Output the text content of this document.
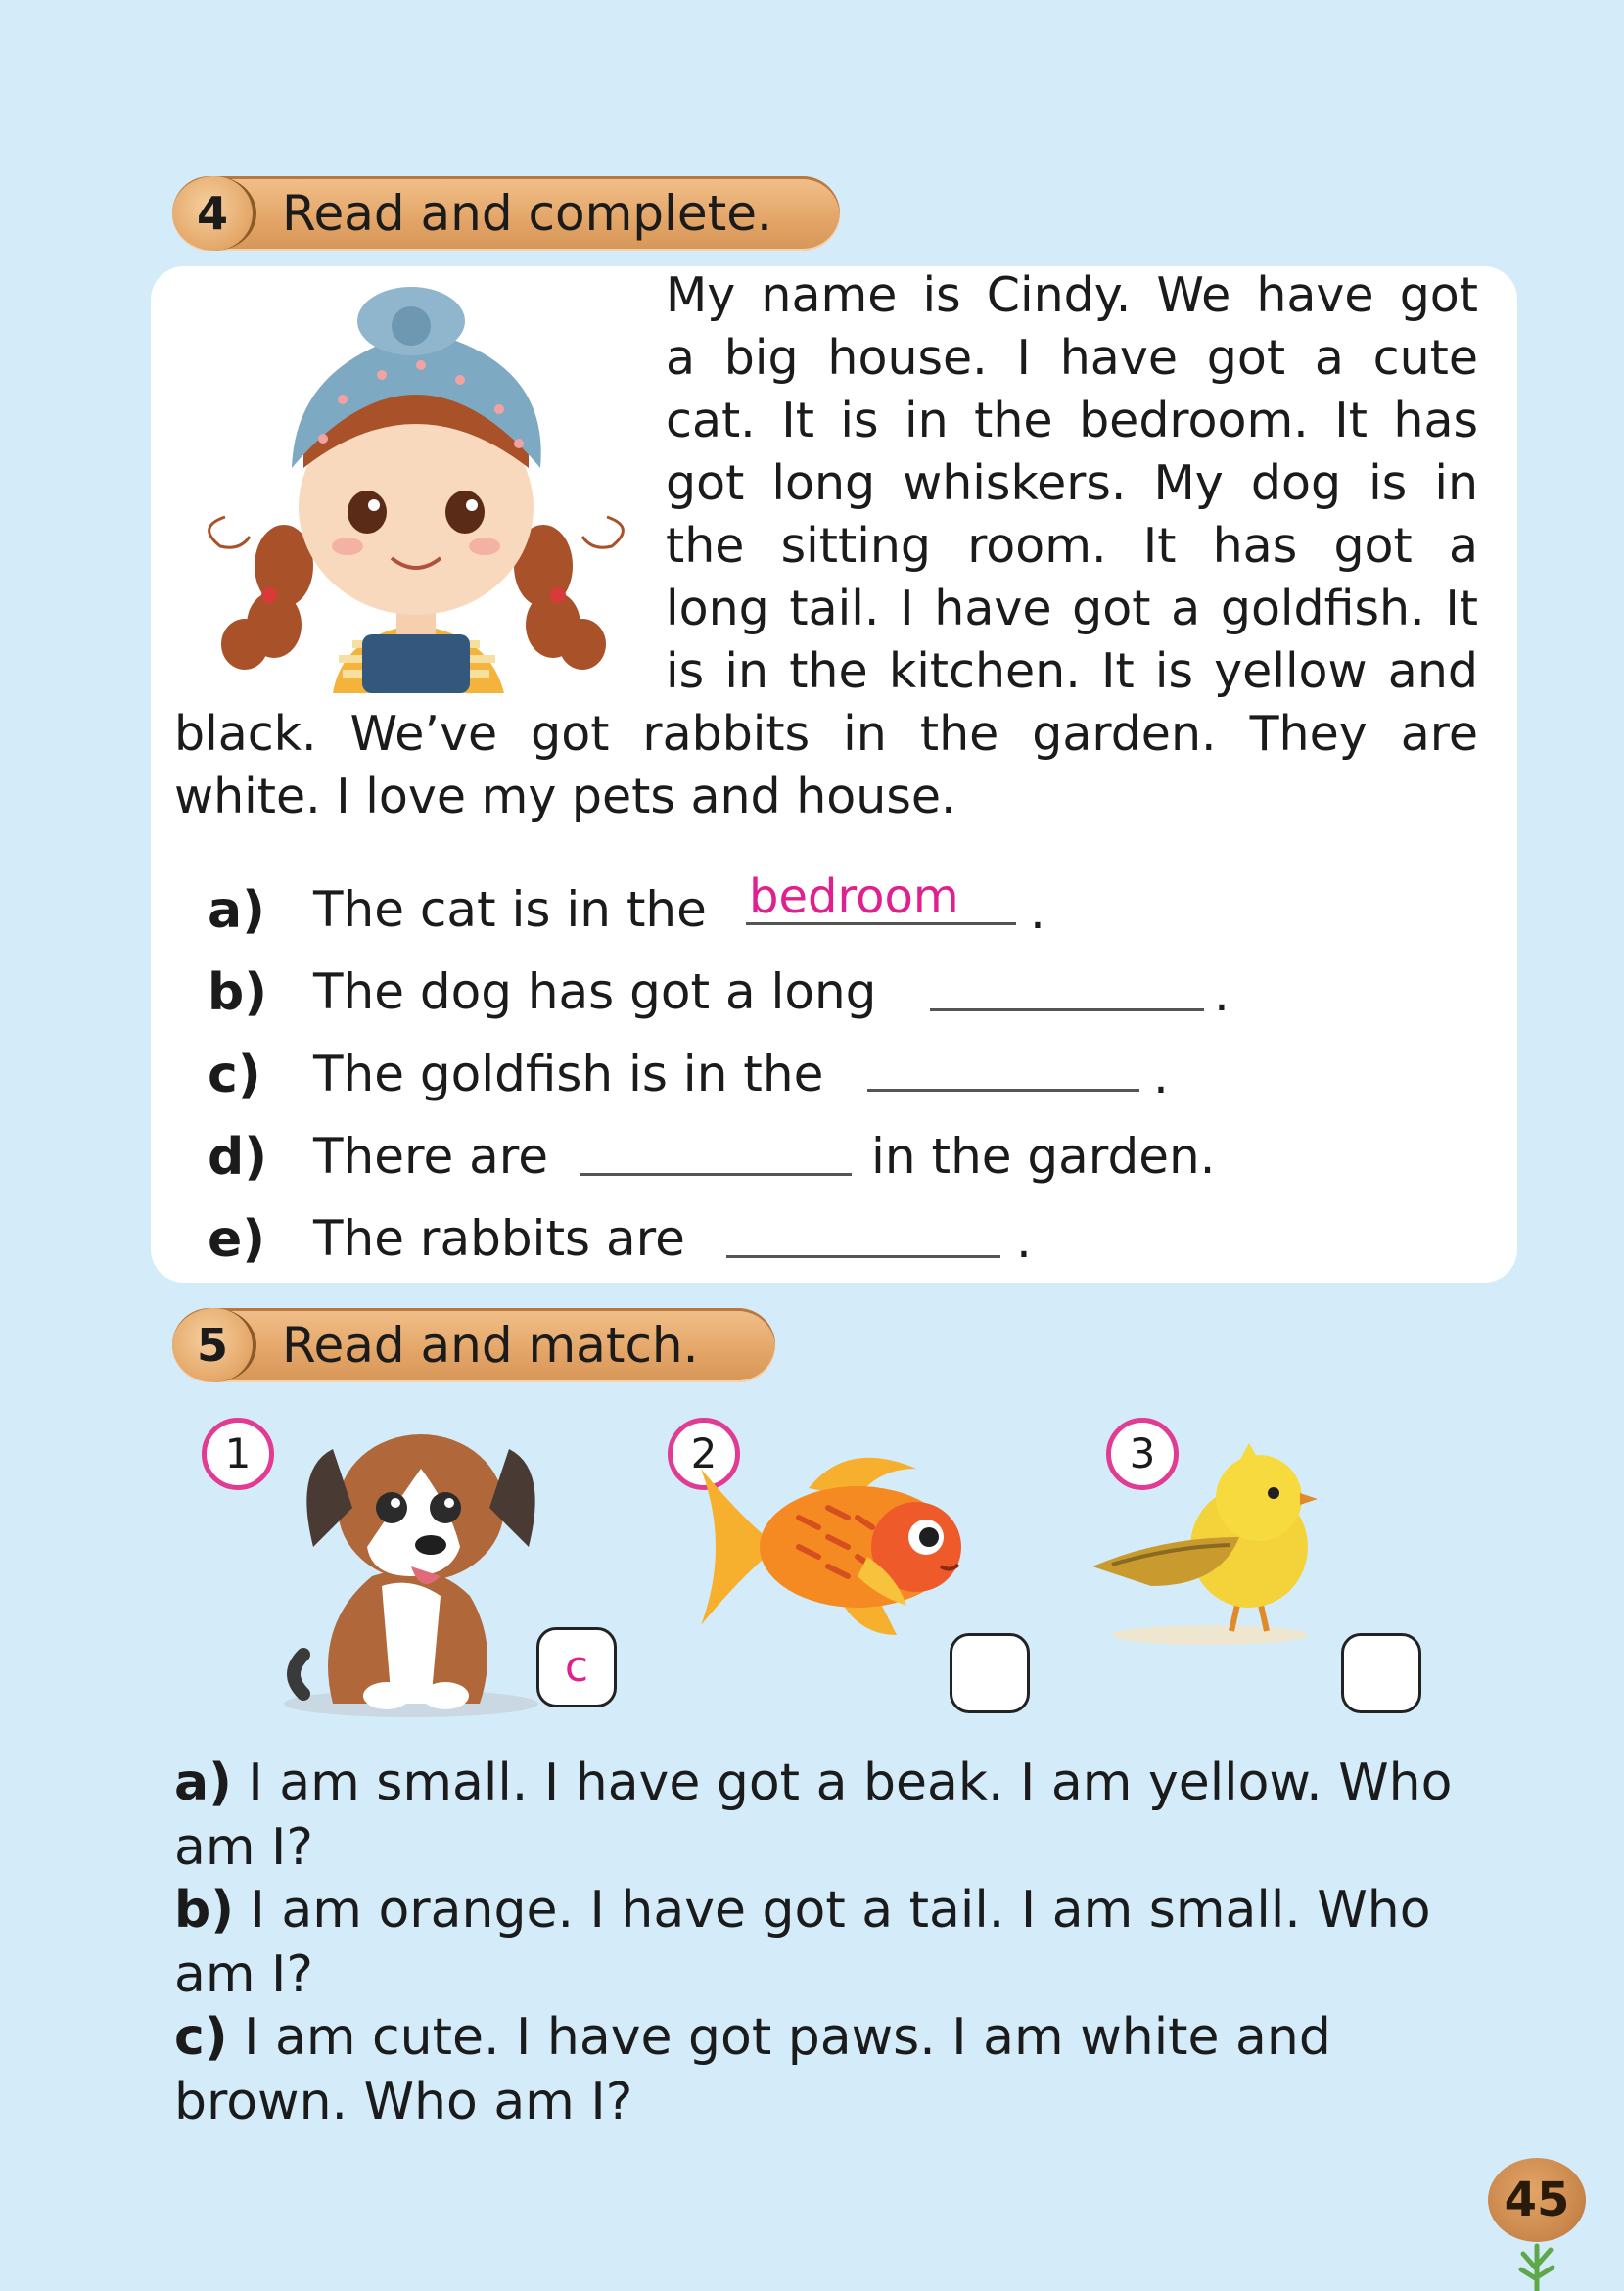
4	Read and complete.
My name is Cindy. We have got
a big house. I have got a cute
cat. It is in the bedroom. It has
got long whiskers. My dog is in
the sitting room. It has got a
long tail. I have got a goldfish. It
is in the kitchen. It is yellow and
black. We’ve got rabbits in the garden. They are
white. I love my pets and house.
a) The cat is in the bedroom .
b) The dog has got a long	.
c) The goldfish is in the	.
d) There are	in the garden.
e) The rabbits are	.
5	Read and match.
1	2	3
c
a) I am small. I have got a beak. I am yellow. Who
am I?
b) I am orange. I have got a tail. I am small. Who
am I?
c) I am cute. I have got paws. I am white and
brown. Who am I?
45
